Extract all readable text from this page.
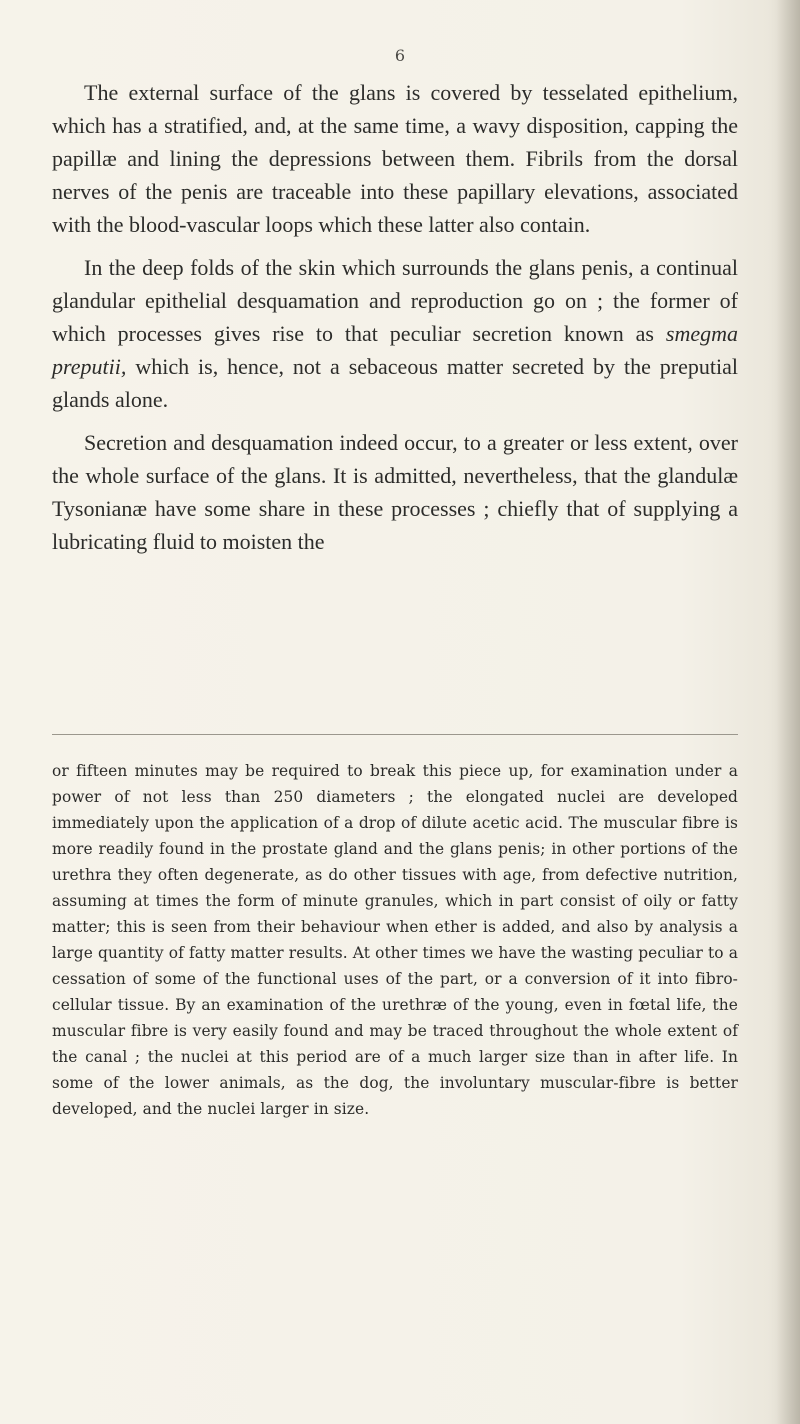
6

The external surface of the glans is covered by tesselated epithelium, which has a stratified, and, at the same time, a wavy disposition, capping the papillæ and lining the depressions between them. Fibrils from the dorsal nerves of the penis are traceable into these papillary elevations, associated with the blood-vascular loops which these latter also contain.

In the deep folds of the skin which surrounds the glans penis, a continual glandular epithelial desquamation and reproduction go on ; the former of which processes gives rise to that peculiar secretion known as smegma preputii, which is, hence, not a sebaceous matter secreted by the preputial glands alone.

Secretion and desquamation indeed occur, to a greater or less extent, over the whole surface of the glans. It is admitted, nevertheless, that the glandulæ Tysonianæ have some share in these processes ; chiefly that of supplying a lubricating fluid to moisten the

or fifteen minutes may be required to break this piece up, for examination under a power of not less than 250 diameters ; the elongated nuclei are developed immediately upon the application of a drop of dilute acetic acid. The muscular fibre is more readily found in the prostate gland and the glans penis; in other portions of the urethra they often degenerate, as do other tissues with age, from defective nutrition, assuming at times the form of minute granules, which in part consist of oily or fatty matter; this is seen from their behaviour when ether is added, and also by analysis a large quantity of fatty matter results. At other times we have the wasting peculiar to a cessation of some of the functional uses of the part, or a conversion of it into fibro-cellular tissue. By an examination of the urethræ of the young, even in fœtal life, the muscular fibre is very easily found and may be traced throughout the whole extent of the canal ; the nuclei at this period are of a much larger size than in after life. In some of the lower animals, as the dog, the involuntary muscular-fibre is better developed, and the nuclei larger in size.
